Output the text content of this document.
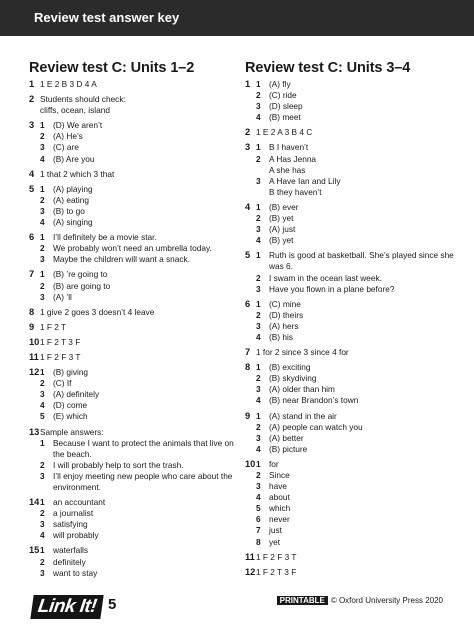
Review test answer key
Review test C: Units 1–2
1 1 E 2 B 3 D 4 A
2 Students should check:
cliffs, ocean, island
3 1 (D) We aren’t
2 (A) He’s
3 (C) are
4 (B) Are you
4 1 that 2 which 3 that
5 1 (A) playing
2 (A) eating
3 (B) to go
4 (A) singing
6 1 I’ll definitely be a movie star.
2 We probably won’t need an umbrella today.
3 Maybe the children will want a snack.
7 1 (B) ’re going to
2 (B) are going to
3 (A) ’ll
8 1 give 2 goes 3 doesn’t 4 leave
9 1 F 2 T
10 1 F 2 T 3 F
11 1 F 2 F 3 T
12 1 (B) giving
2 (C) If
3 (A) definitely
4 (D) come
5 (E) which
13 Sample answers:
1 Because I want to protect the animals that live on the beach.
2 I will probably help to sort the trash.
3 I’ll enjoy meeting new people who care about the environment.
14 1 an accountant
2 a journalist
3 satisfying
4 will probably
15 1 waterfalls
2 definitely
3 want to stay
Review test C: Units 3–4
1 1 (A) fly
2 (C) ride
3 (D) sleep
4 (B) meet
2 1 E 2 A 3 B 4 C
3 1 B I haven’t
2 A Has Jenna
A she has
3 A Have Ian and Lily
B they haven’t
4 1 (B) ever
2 (B) yet
3 (A) just
4 (B) yet
5 1 Ruth is good at basketball. She’s played since she was 6.
2 I swam in the ocean last week.
3 Have you flown in a plane before?
6 1 (C) mine
2 (D) theirs
3 (A) hers
4 (B) his
7 1 for 2 since 3 since 4 for
8 1 (B) exciting
2 (B) skydiving
3 (A) older than him
4 (B) near Brandon’s town
9 1 (A) stand in the air
2 (A) people can watch you
3 (A) better
4 (B) picture
10 1 for
2 Since
3 have
4 about
5 which
6 never
7 just
8 yet
11 1 F 2 F 3 T
12 1 F 2 T 3 F
Link It! 5	PRINTABLE © Oxford University Press 2020
